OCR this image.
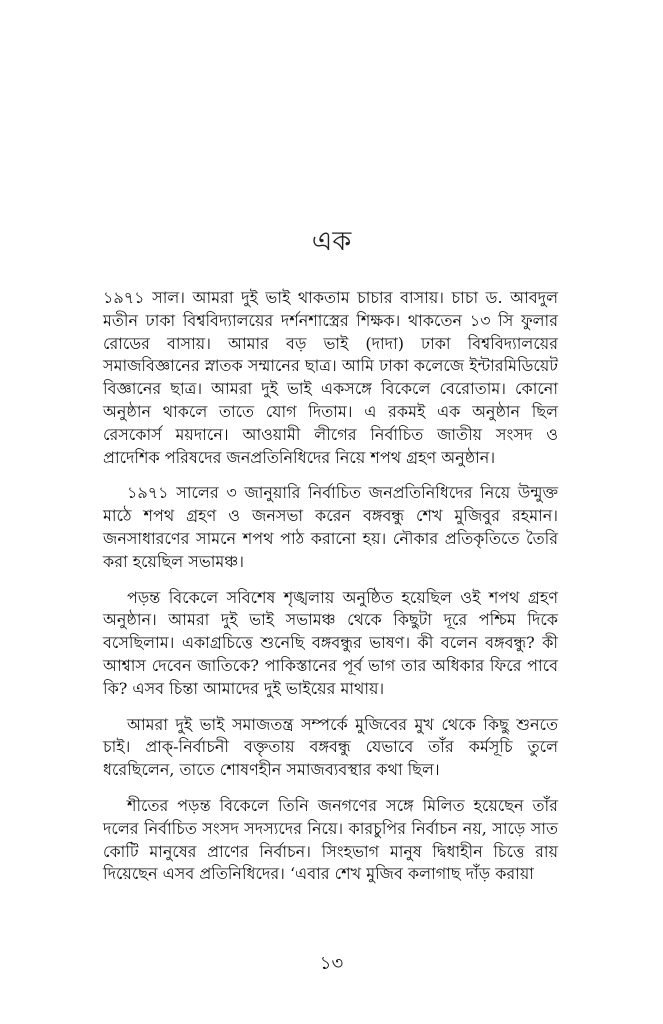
এক

১৯৭১ সাল। আমরা দুই ভাই থাকতাম চাচার বাসায়। চাচা ড. আবদুল মতীন ঢাকা বিশ্ববিদ্যালয়ের দর্শনশাস্ত্রের শিক্ষক। থাকতেন ১৩ সি ফুলার রোডের বাসায়। আমার বড় ভাই (দাদা) ঢাকা বিশ্ববিদ্যালয়ের সমাজবিজ্ঞানের স্নাতক সম্মানের ছাত্র। আমি ঢাকা কলেজে ইন্টারমিডিয়েট বিজ্ঞানের ছাত্র। আমরা দুই ভাই একসঙ্গে বিকেলে বেরোতাম। কোনো অনুষ্ঠান থাকলে তাতে যোগ দিতাম। এ রকমই এক অনুষ্ঠান ছিল রেসকোর্স ময়দানে। আওয়ামী লীগের নির্বাচিত জাতীয় সংসদ ও প্রাদেশিক পরিষদের জনপ্রতিনিধিদের নিয়ে শপথ গ্রহণ অনুষ্ঠান।

১৯৭১ সালের ৩ জানুয়ারি নির্বাচিত জনপ্রতিনিধিদের নিয়ে উন্মুক্ত মাঠে শপথ গ্রহণ ও জনসভা করেন বঙ্গবন্ধু শেখ মুজিবুর রহমান। জনসাধারণের সামনে শপথ পাঠ করানো হয়। নৌকার প্রতিকৃতিতে তৈরি করা হয়েছিল সভামঞ্চ।

পড়ন্ত বিকেলে সবিশেষ শৃঙ্খলায় অনুষ্ঠিত হয়েছিল ওই শপথ গ্রহণ অনুষ্ঠান। আমরা দুই ভাই সভামঞ্চ থেকে কিছুটা দূরে পশ্চিম দিকে বসেছিলাম। একাগ্রচিত্তে শুনেছি বঙ্গবন্ধুর ভাষণ। কী বলেন বঙ্গবন্ধু? কী আশ্বাস দেবেন জাতিকে? পাকিস্তানের পূর্ব ভাগ তার অধিকার ফিরে পাবে কি? এসব চিন্তা আমাদের দুই ভাইয়ের মাথায়।

আমরা দুই ভাই সমাজতন্ত্র সম্পর্কে মুজিবের মুখ থেকে কিছু শুনতে চাই। প্রাক্-নির্বাচনী বক্তৃতায় বঙ্গবন্ধু যেভাবে তাঁর কর্মসূচি তুলে ধরেছিলেন, তাতে শোষণহীন সমাজব্যবস্থার কথা ছিল।

শীতের পড়ন্ত বিকেলে তিনি জনগণের সঙ্গে মিলিত হয়েছেন তাঁর দলের নির্বাচিত সংসদ সদস্যদের নিয়ে। কারচুপির নির্বাচন নয়, সাড়ে সাত কোটি মানুষের প্রাণের নির্বাচন। সিংহভাগ মানুষ দ্বিধাহীন চিত্তে রায় দিয়েছেন এসব প্রতিনিধিদের। ‘এবার শেখ মুজিব কলাগাছ দাঁড় করায়া

১৩
